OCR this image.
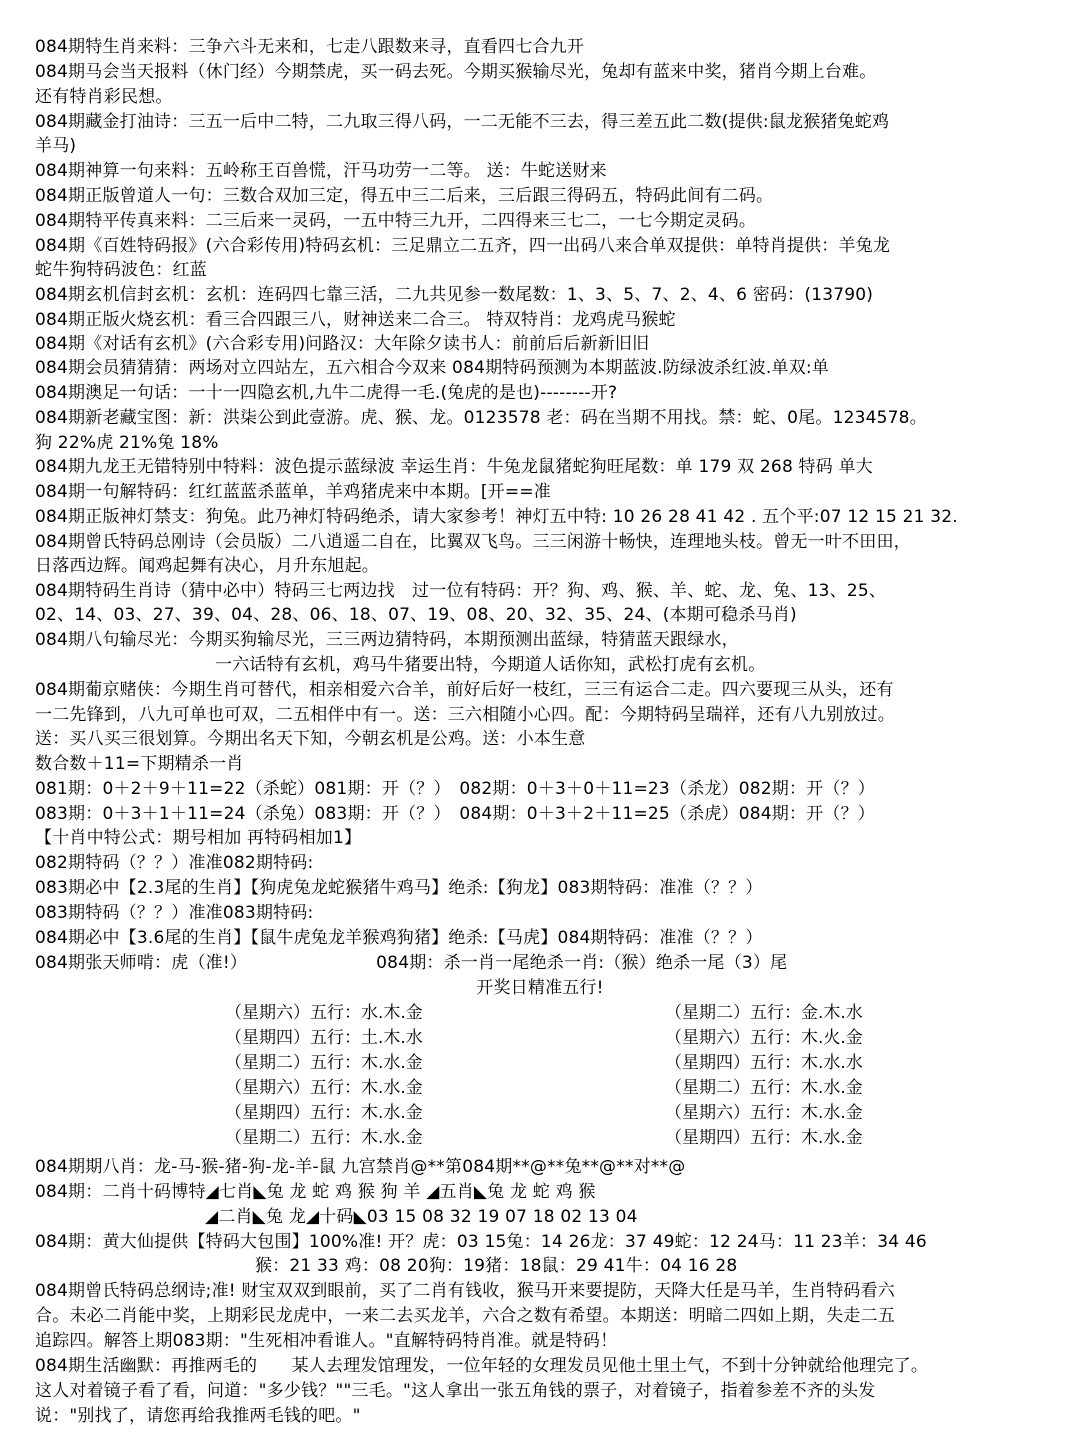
084期特生肖来料：三争六斗无来和，七走八跟数来寻，直看四七合九开
084期马会当天报料（休门经）今期禁虎，买一码去死。今期买猴输尽光，兔却有蓝来中奖，猪肖今期上台难。
还有特肖彩民想。
084期藏金打油诗：三五一后中二特，二九取三得八码，一二无能不三去，得三差五此二数(提供:鼠龙猴猪兔蛇鸡
羊马)
084期神算一句来料：五岭称王百兽慌，汗马功劳一二等。 送：牛蛇送财来
084期正版曾道人一句：三数合双加三定，得五中三二后来，三后跟三得码五，特码此间有二码。
084期特平传真来料：二三后来一灵码，一五中特三九开，二四得来三七二，一七今期定灵码。
084期《百姓特码报》(六合彩传用)特码玄机：三足鼎立二五齐，四一出码八来合单双提供：单特肖提供：羊兔龙
蛇牛狗特码波色：红蓝
084期玄机信封玄机：玄机：连码四七靠三活，二九共见参一数尾数：1、3、5、7、2、4、6 密码：(13790)
084期正版火烧玄机：看三合四跟三八，财神送来二合三。 特双特肖：龙鸡虎马猴蛇
084期《对话有玄机》(六合彩专用)问路汉：大年除夕读书人：前前后后新新旧旧
084期会员猜猜猜：两场对立四站左，五六相合今双来 084期特码预测为本期蓝波.防绿波杀红波.单双:单
084期澳足一句话：一十一四隐玄机,九牛二虎得一毛.(兔虎的是也)--------开?
084期新老藏宝图：新：洪柒公到此壹游。虎、猴、龙。0123578 老：码在当期不用找。禁：蛇、0尾。1234578。
狗 22%虎 21%兔 18%
084期九龙王无错特别中特料：波色提示蓝绿波 幸运生肖：牛兔龙鼠猪蛇狗旺尾数：单 179 双 268 特码 单大
084期一句解特码：红红蓝蓝杀蓝单，羊鸡猪虎来中本期。[开==准
084期正版神灯禁支：狗兔。此乃神灯特码绝杀，请大家参考！神灯五中特: 10 26 28 41 42 . 五个平:07 12 15 21 32.
084期曾氏特码总刚诗（会员版）二八逍遥二自在，比翼双飞鸟。三三闲游十畅快，连理地头枝。曾无一叶不田田，
日落西边辉。闻鸡起舞有决心，月升东旭起。
084期特码生肖诗（猜中必中）特码三七两边找　过一位有特码：开？狗、鸡、猴、羊、蛇、龙、兔、13、25、
02、14、03、27、39、04、28、06、18、07、19、08、20、32、35、24、(本期可稳杀马肖)
084期八句输尽光：今期买狗输尽光，三三两边猜特码，本期预测出蓝绿，特猜蓝天跟绿水，
一六话特有玄机，鸡马牛猪要出特，今期道人话你知，武松打虎有玄机。
084期葡京赌侠：今期生肖可替代，相亲相爱六合羊，前好后好一枝红，三三有运合二走。四六要现三从头，还有
一二先锋到，八九可单也可双，二五相伴中有一。送：三六相随小心四。配：今期特码呈瑞祥，还有八九别放过。
送：买八买三很划算。今期出名天下知，今朝玄机是公鸡。送：小本生意
数合数＋11=下期精杀一肖
081期：0＋2＋9＋11=22（杀蛇）081期：开（？）　082期：0＋3＋0＋11=23（杀龙）082期：开（？）
083期：0＋3＋1＋11=24（杀兔）083期：开（？）　084期：0＋3＋2＋11=25（杀虎）084期：开（？）
【十肖中特公式：期号相加 再特码相加1】
082期特码（？？）准准082期特码:
083期必中【2.3尾的生肖】【狗虎兔龙蛇猴猪牛鸡马】绝杀:【狗龙】083期特码：准准（？？）
083期特码（？？）准准083期特码:
084期必中【3.6尾的生肖】【鼠牛虎兔龙羊猴鸡狗猪】绝杀:【马虎】084期特码：准准（？？）
084期张天师啃：虎（准!）　　　　　　　　084期：杀一肖一尾绝杀一肖:（猴）绝杀一尾（3）尾
开奖日精准五行!
（星期六）五行：水.木.金
（星期四）五行：土.木.水
（星期二）五行：木.水.金
（星期六）五行：木.水.金
（星期四）五行：木.水.金
（星期二）五行：木.水.金
（星期二）五行：金.木.水
（星期六）五行：木.火.金
（星期四）五行：木.水.水
（星期二）五行：木.水.金
（星期六）五行：木.水.金
（星期四）五行：木.水.金
084期期八肖：龙-马-猴-猪-狗-龙-羊-鼠 九宫禁肖@**第084期**@**兔**@**对**@
084期：二肖十码博特◢七肖◣兔 龙 蛇 鸡 猴 狗 羊 ◢五肖◣兔 龙 蛇 鸡 猴
◢二肖◣兔 龙◢十码◣03 15 08 32 19 07 18 02 13 04
084期：黄大仙提供【特码大包围】100%准! 开？虎：03 15兔：14 26龙：37 49蛇：12 24马：11 23羊：34 46
猴：21 33 鸡：08 20狗：19猪：18鼠：29 41牛：04 16 28
084期曾氏特码总纲诗;准! 财宝双双到眼前，买了二肖有钱收，猴马开来要提防，天降大任是马羊，生肖特码看六
合。未必二肖能中奖，上期彩民龙虎中，一来二去买龙羊，六合之数有希望。本期送：明暗二四如上期，失走二五
追踪四。解答上期083期："生死相冲看谁人。"直解特码特肖准。就是特码！
084期生活幽默：再推两毛的　　某人去理发馆理发，一位年轻的女理发员见他土里土气，不到十分钟就给他理完了。
这人对着镜子看了看，问道："多少钱？""三毛。"这人拿出一张五角钱的票子，对着镜子，指着参差不齐的头发
说："别找了，请您再给我推两毛钱的吧。"
